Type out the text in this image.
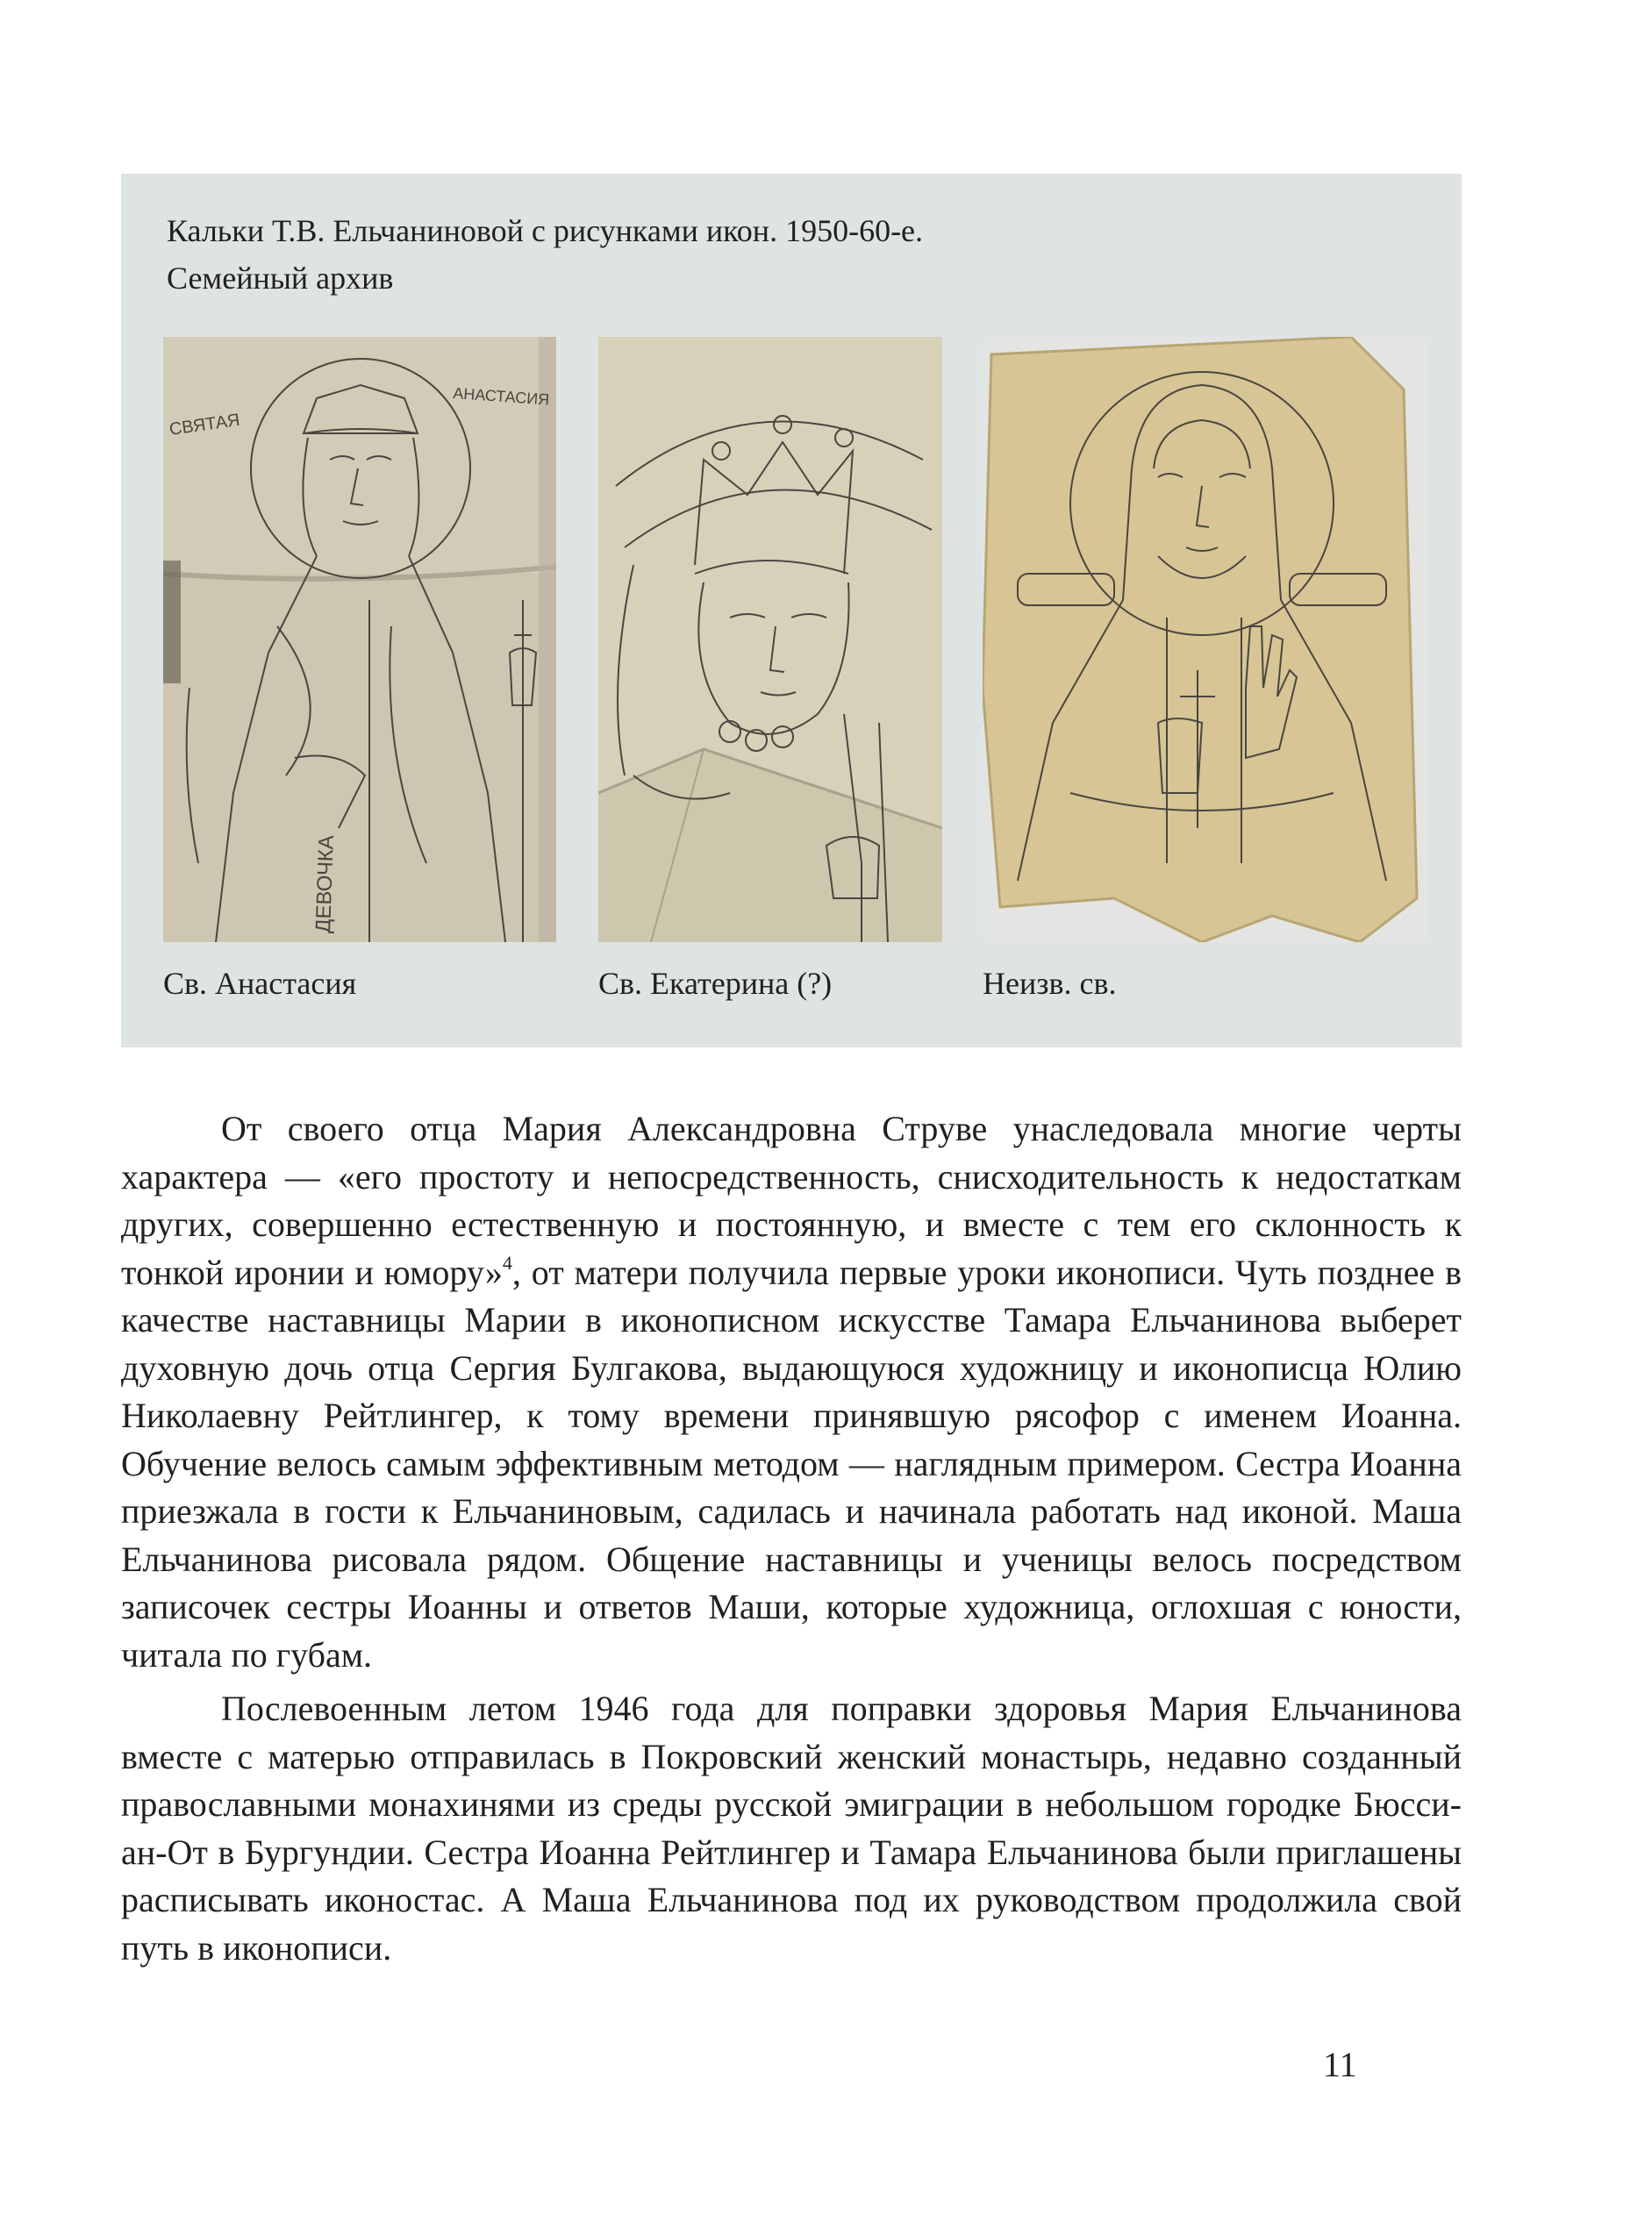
Кальки Т.В. Ельчаниновой с рисунками икон. 1950-60-е.
Семейный архив
СВЯТАЯ
АНАСТАСИЯ
ДЕВОЧКА
Св. Анастасия	Св. Екатерина (?)	Неизв. св.

От своего отца Мария Александровна Струве унаследовала многие черты характера — «его простоту и непосредственность, снисходительность к недостаткам других, совершенно естественную и постоянную, и вместе с тем его склонность к тонкой иронии и юмору»$^4$, от матери получила первые уроки иконописи. Чуть позднее в качестве наставницы Марии в иконописном искусстве Тамара Ельчанинова выберет духовную дочь отца Сергия Булгакова, выдающуюся художницу и иконописца Юлию Николаевну Рейтлингер, к тому времени принявшую рясофор с именем Иоанна. Обучение велось самым эффективным методом — наглядным примером. Сестра Иоанна приезжала в гости к Ельчаниновым, садилась и начинала работать над иконой. Маша Ельчанинова рисовала рядом. Общение наставницы и ученицы велось посредством записочек сестры Иоанны и ответов Маши, которые художница, оглохшая с юности, читала по губам.

Послевоенным летом 1946 года для поправки здоровья Мария Ельчанинова вместе с матерью отправилась в Покровский женский монастырь, недавно созданный православными монахинями из среды русской эмиграции в небольшом городке Бюсси-ан-От в Бургундии. Сестра Иоанна Рейтлингер и Тамара Ельчанинова были приглашены расписывать иконостас. А Маша Ельчанинова под их руководством продолжила свой путь в иконописи.

11
